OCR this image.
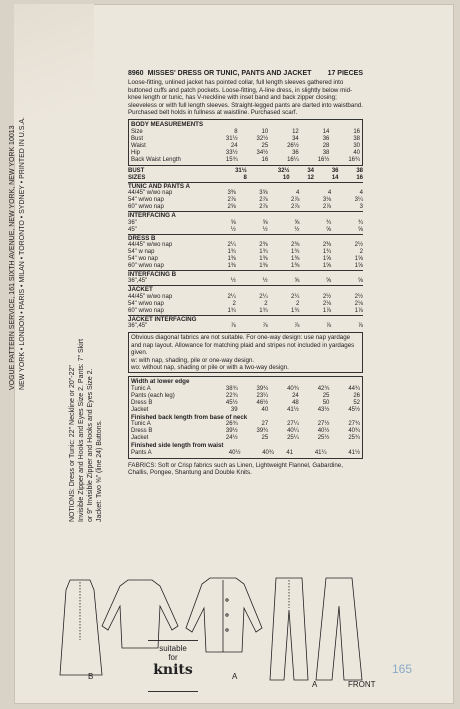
VOGUE PATTERN SERVICE, 161 SIXTH AVENUE, NEW YORK, NEW YORK 10013 NEW YORK • LONDON • PARIS • MILAN • TORONTO • SYDNEY • PRINTED IN U.S.A.
NOTIONS: Dress or Tunic: 22" Neckline or 20"-22" Invisible Zipper and Hooks and Eyes Size 2. Pants: 7" Skirt or 9" Invisible Zipper and Hooks and Eyes Size 2. Jacket: Two ⅝" (line 24) Buttons.
8960 MISSES' DRESS OR TUNIC, PANTS AND JACKET 17 PIECES
Loose-fitting, unlined jacket has pointed collar, full length sleeves gathered into buttoned cuffs and patch pockets. Loose-fitting, A-line dress, in slightly below mid-knee length or tunic, has V-neckline with inset band and back zipper closing; sleeveless or with full length sleeves. Straight-legged pants are darted into waistband. Purchased belt holds in fullness at waistline. Purchased scarf.
BODY MEASUREMENTS
Size	8	10	12	14	16
Bust	31½	32½	34	36	38
Waist	24	25	26½	28	30
Hip	33½	34½	36	38	40
Back Waist Length	15¾	16	16¼	16½	16¾
BUST	31½	32½	34	36	38
SIZES	8	10	12	14	16
TUNIC AND PANTS A
44/45" w/wo nap	3⅜	3⅝	4	4	4
54" w/wo nap	2⅞	2⅞	2⅞	3⅛	3¼
60" w/wo nap	2⅝	2⅞	2⅞	2⅞	3
INTERFACING A
36"	⅝	⅝	⅝	¾	¾
45"	½	½	½	⅝	⅝
DRESS B
44/45" w/wo nap	2¼	2⅜	2⅜	2⅜	2½
54" w nap	1¾	1¾	1¾	1¾	2
54" wo nap	1⅜	1⅜	1⅜	1⅝	1⅝
60" w/wo nap	1⅜	1⅜	1⅜	1⅝	1⅝
INTERFACING B
36",45"	½	½	⅝	⅝	⅝
JACKET
44/45" w/wo nap	2¼	2¼	2¼	2½	2½
54" w/wo nap	2	2	2	2⅛	2⅛
60" w/wo nap	1¾	1¾	1¾	1⅞	1⅞
JACKET INTERFACING
36",45"	⅞	⅞	⅞	⅞	⅞
Obvious diagonal fabrics are not suitable. For one-way design: use nap yardage and nap layout. Allowance for matching plaid and stripes not included in yardages given.
w: with nap, shading, pile or one-way design.
wo: without nap, shading or pile or with a two-way design.
Width at lower edge
Tunic A	38¾	39¾	40¾	42¾	44¾
Pants (each leg)	22¾	23¼	24	25	26
Dress B	45½	46½	48	50	52
Jacket	39	40	41½	43½	45½
Finished back length from base of neck
Tunic A	26¾	27	27¼	27½	27¾
Dress B	39½	39¾	40¼	40½	40¾
Jacket	24½	25	25¼	25½	25¾
Finished side length from waist
Pants A	40½	40¾	41	41¼	41½
FABRICS: Soft or Crisp fabrics such as Linen, Lightweight Flannel, Gabardine, Challis, Pongee, Shantung and Double Knits.
B	A
A	FRONT
165
suitable
for
knits
